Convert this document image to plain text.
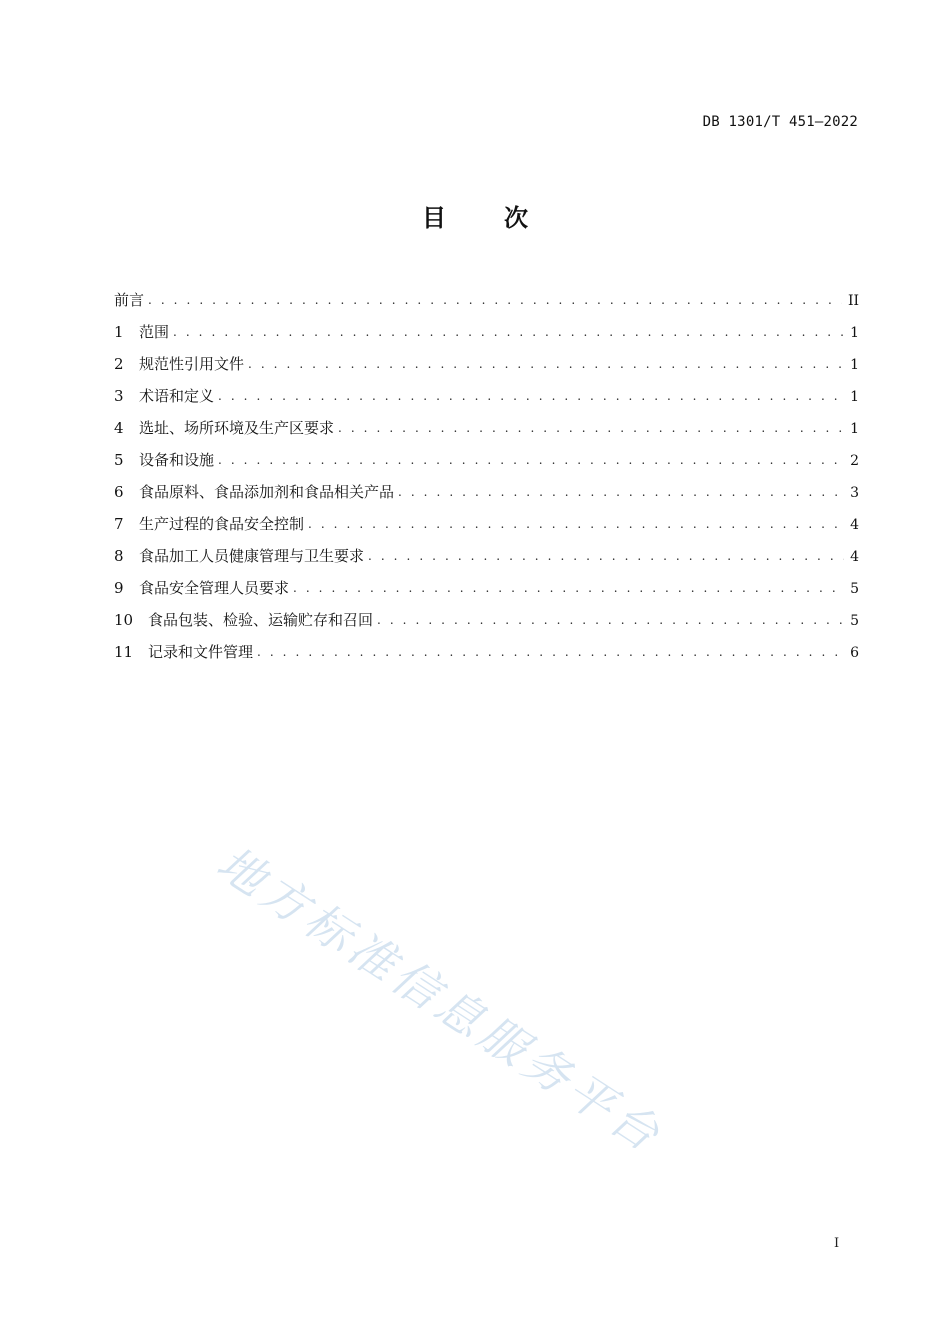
DB 1301/T 451—2022
目 次
前言 . . .	II
1	范围 . . .	1
2	规范性引用文件 . . .	1
3	术语和定义 . . .	1
4	选址、场所环境及生产区要求 . . .	1
5	设备和设施 . . .	2
6	食品原料、食品添加剂和食品相关产品 . . .	3
7	生产过程的食品安全控制 . . .	4
8	食品加工人员健康管理与卫生要求 . . .	4
9	食品安全管理人员要求 . . .	5
10 食品包装、检验、运输贮存和召回 . . .	5
11 记录和文件管理 . . .	6
地方标准信息服务平台
I
